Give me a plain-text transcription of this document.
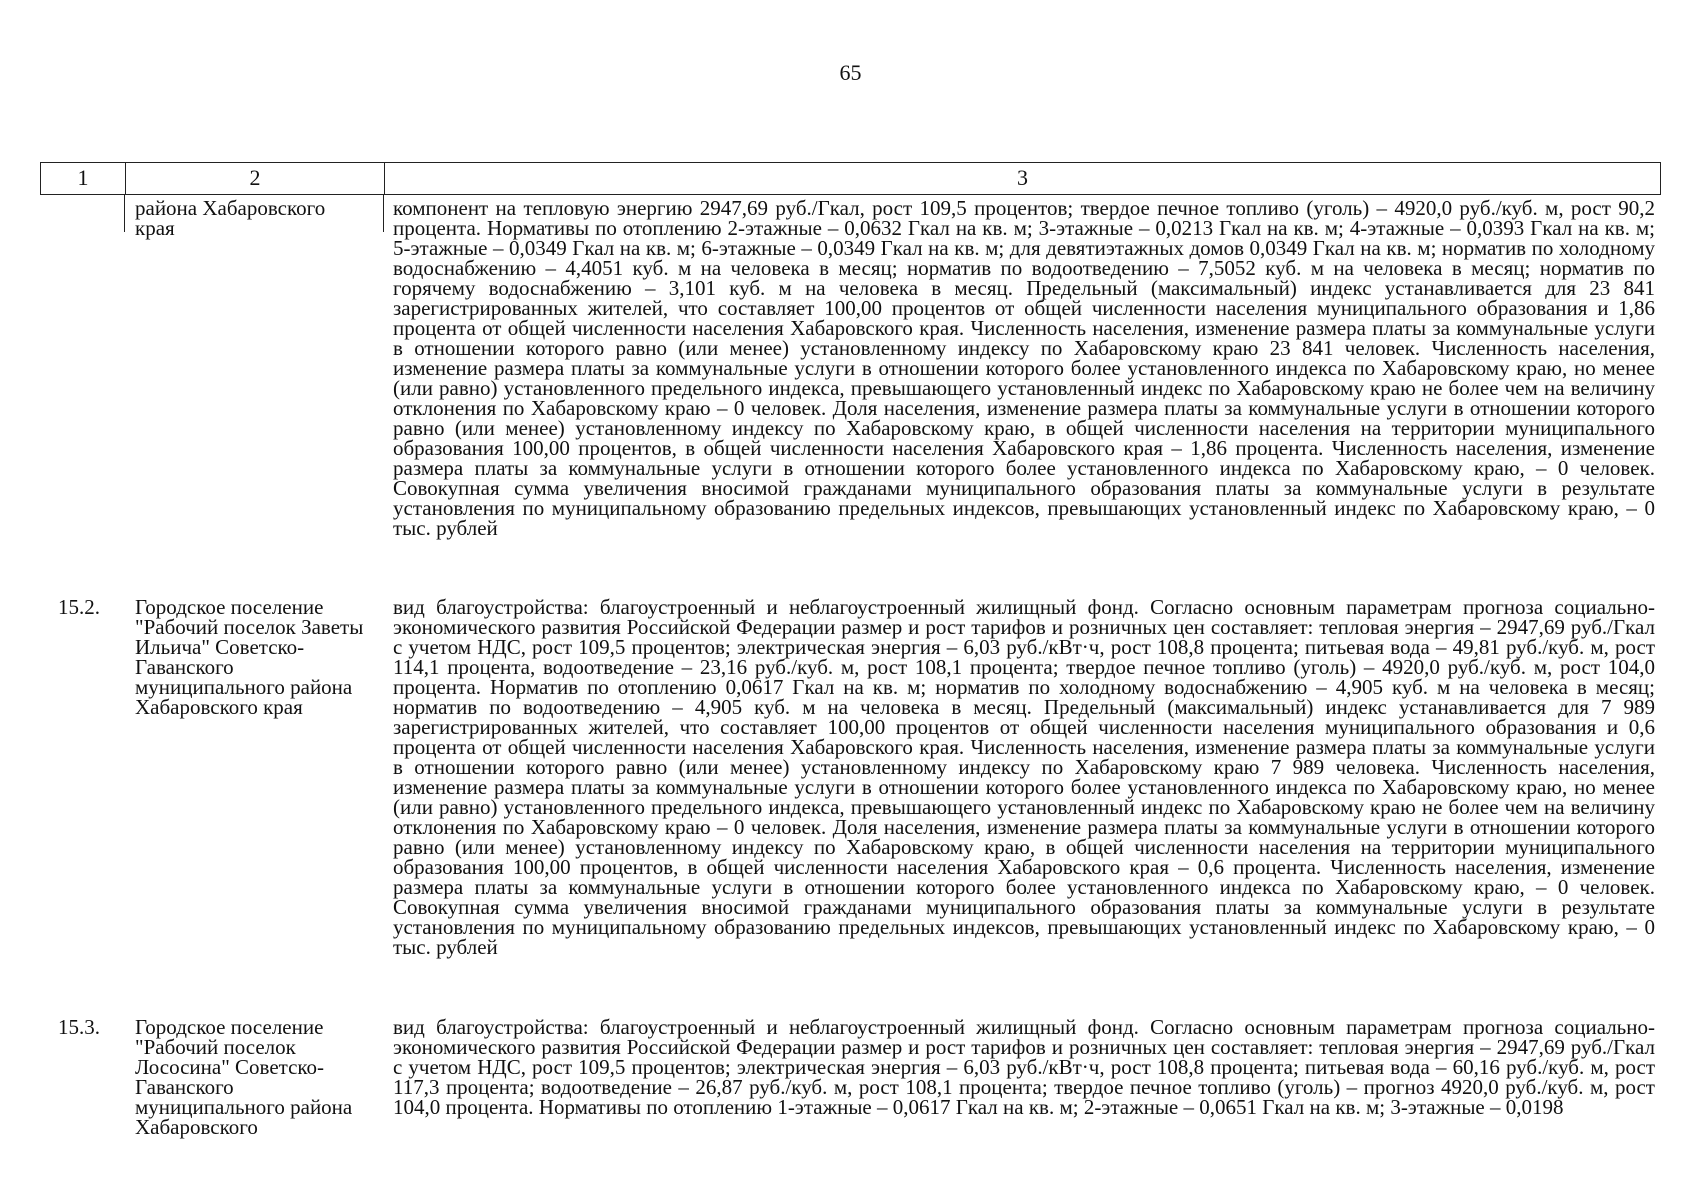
65
1	2	3
района Хабаровского края
компонент на тепловую энергию 2947,69 руб./Гкал, рост 109,5 процентов; твердое печное топливо (уголь) – 4920,0 руб./куб. м, рост 90,2 процента. Нормативы по отоплению 2-этажные – 0,0632 Гкал на кв. м; 3-этажные – 0,0213 Гкал на кв. м; 4-этажные – 0,0393 Гкал на кв. м; 5-этажные – 0,0349 Гкал на кв. м; 6-этажные – 0,0349 Гкал на кв. м; для девятиэтажных домов 0,0349 Гкал на кв. м; норматив по холодному водоснабжению – 4,4051 куб. м на человека в месяц; норматив по водоотведению – 7,5052 куб. м на человека в месяц; норматив по горячему водоснабжению – 3,101 куб. м на человека в месяц. Предельный (максимальный) индекс устанавливается для 23 841 зарегистрированных жителей, что составляет 100,00 процентов от общей численности населения муниципального образования и 1,86 процента от общей численности населения Хабаровского края. Численность населения, изменение размера платы за коммунальные услуги в отношении которого равно (или менее) установленному индексу по Хабаровскому краю 23 841 человек. Численность населения, изменение размера платы за коммунальные услуги в отношении которого более установленного индекса по Хабаровскому краю, но менее (или равно) установленного предельного индекса, превышающего установленный индекс по Хабаровскому краю не более чем на величину отклонения по Хабаровскому краю – 0 человек. Доля населения, изменение размера платы за коммунальные услуги в отношении которого равно (или менее) установленному индексу по Хабаровскому краю, в общей численности населения на территории муниципального образования 100,00 процентов, в общей численности населения Хабаровского края – 1,86 процента. Численность населения, изменение размера платы за коммунальные услуги в отношении которого более установленного индекса по Хабаровскому краю, – 0 человек. Совокупная сумма увеличения вносимой гражданами муниципального образования платы за коммунальные услуги в результате установления по муниципальному образованию предельных индексов, превышающих установленный индекс по Хабаровскому краю, – 0 тыс. рублей
15.2. Городское поселение "Рабочий поселок Заветы Ильича" Советско-Гаванского муниципального района Хабаровского края
вид благоустройства: благоустроенный и неблагоустроенный жилищный фонд. Согласно основным параметрам прогноза социально-экономического развития Российской Федерации размер и рост тарифов и розничных цен составляет: тепловая энергия – 2947,69 руб./Гкал с учетом НДС, рост 109,5 процентов; электрическая энергия – 6,03 руб./кВт·ч, рост 108,8 процента; питьевая вода – 49,81 руб./куб. м, рост 114,1 процента, водоотведение – 23,16 руб./куб. м, рост 108,1 процента; твердое печное топливо (уголь) – 4920,0 руб./куб. м, рост 104,0 процента. Норматив по отоплению 0,0617 Гкал на кв. м; норматив по холодному водоснабжению – 4,905 куб. м на человека в месяц; норматив по водоотведению – 4,905 куб. м на человека в месяц. Предельный (максимальный) индекс устанавливается для 7 989 зарегистрированных жителей, что составляет 100,00 процентов от общей численности населения муниципального образования и 0,6 процента от общей численности населения Хабаровского края. Численность населения, изменение размера платы за коммунальные услуги в отношении которого равно (или менее) установленному индексу по Хабаровскому краю 7 989 человека. Численность населения, изменение размера платы за коммунальные услуги в отношении которого более установленного индекса по Хабаровскому краю, но менее (или равно) установленного предельного индекса, превышающего установленный индекс по Хабаровскому краю не более чем на величину отклонения по Хабаровскому краю – 0 человек. Доля населения, изменение размера платы за коммунальные услуги в отношении которого равно (или менее) установленному индексу по Хабаровскому краю, в общей численности населения на территории муниципального образования 100,00 процентов, в общей численности населения Хабаровского края – 0,6 процента. Численность населения, изменение размера платы за коммунальные услуги в отношении которого более установленного индекса по Хабаровскому краю, – 0 человек. Совокупная сумма увеличения вносимой гражданами муниципального образования платы за коммунальные услуги в результате установления по муниципальному образованию предельных индексов, превышающих установленный индекс по Хабаровскому краю, – 0 тыс. рублей
15.3. Городское поселение "Рабочий поселок Лососина" Советско-Гаванского муниципального района Хабаровского
вид благоустройства: благоустроенный и неблагоустроенный жилищный фонд. Согласно основным параметрам прогноза социально-экономического развития Российской Федерации размер и рост тарифов и розничных цен составляет: тепловая энергия – 2947,69 руб./Гкал с учетом НДС, рост 109,5 процентов; электрическая энергия – 6,03 руб./кВт·ч, рост 108,8 процента; питьевая вода – 60,16 руб./куб. м, рост 117,3 процента; водоотведение – 26,87 руб./куб. м, рост 108,1 процента; твердое печное топливо (уголь) – прогноз 4920,0 руб./куб. м, рост 104,0 процента. Нормативы по отоплению 1-этажные – 0,0617 Гкал на кв. м; 2-этажные – 0,0651 Гкал на кв. м; 3-этажные – 0,0198
